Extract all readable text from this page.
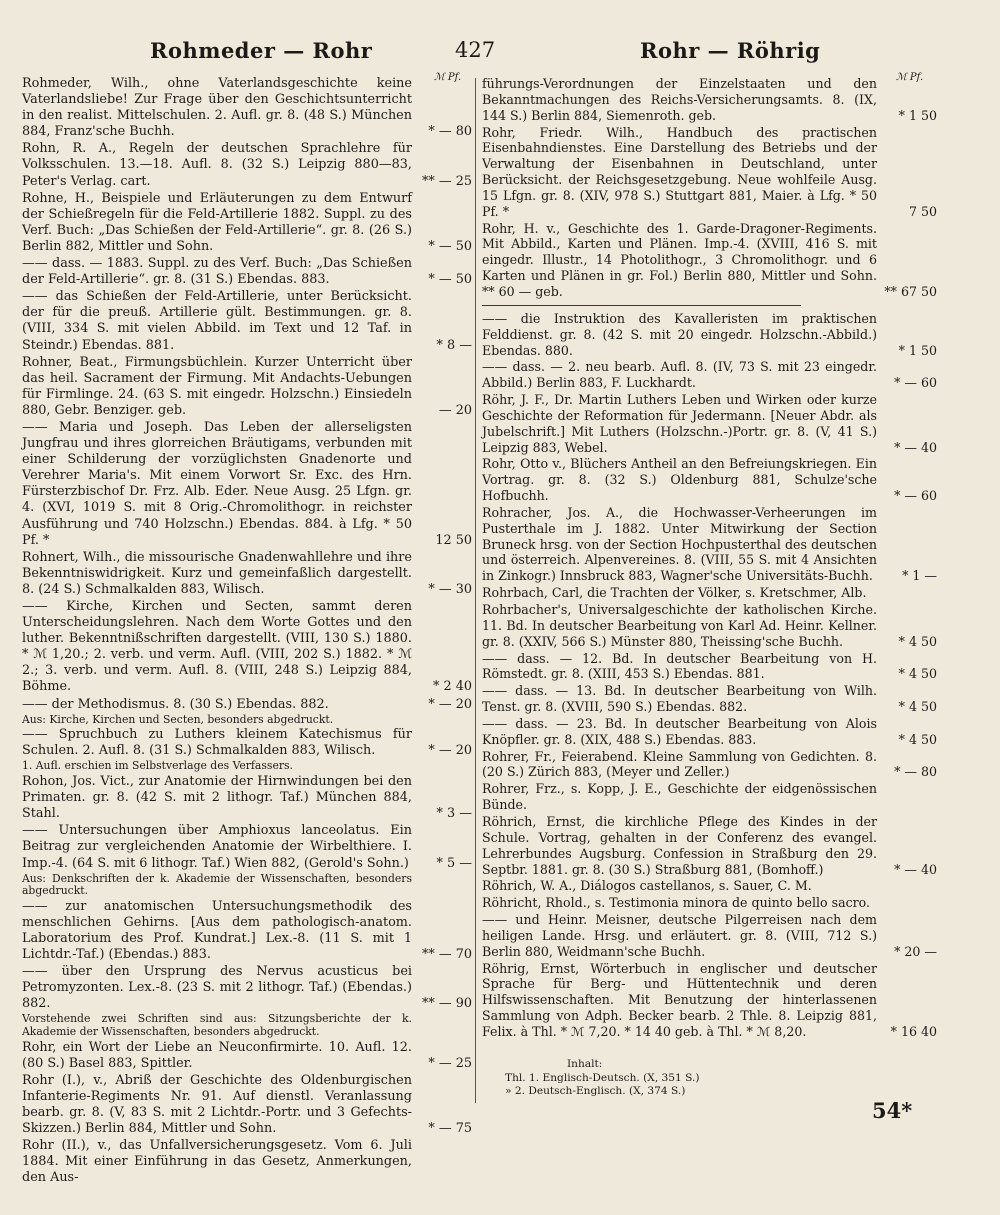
Rohmeder — Rohr	427	Rohr — Röhrig
ℳ Pf.	ℳ Pf.
Rohmeder, Wilh., ohne Vaterlandsgeschichte keine Vaterlandsliebe! Zur Frage über den Geschichtsunterricht in den realist. Mittelschulen. 2. Aufl. gr. 8. (48 S.) München 884, Franz'sche Buchh.	* — 80
Rohn, R. A., Regeln der deutschen Sprachlehre für Volksschulen. 13.—18. Aufl. 8. (32 S.) Leipzig 880—83, Peter's Verlag. cart.	** — 25
Rohne, H., Beispiele und Erläuterungen zu dem Entwurf der Schießregeln für die Feld-Artillerie 1882. Suppl. zu des Verf. Buch: „Das Schießen der Feld-Artillerie“. gr. 8. (26 S.) Berlin 882, Mittler und Sohn.	* — 50
—— dass. — 1883. Suppl. zu des Verf. Buch: „Das Schießen der Feld-Artillerie“. gr. 8. (31 S.) Ebendas. 883.	* — 50
—— das Schießen der Feld-Artillerie, unter Berücksicht. der für die preuß. Artillerie gült. Bestimmungen. gr. 8. (VIII, 334 S. mit vielen Abbild. im Text und 12 Taf. in Steindr.) Ebendas. 881.	* 8 —
Rohner, Beat., Firmungsbüchlein. Kurzer Unterricht über das heil. Sacrament der Firmung. Mit Andachts-Uebungen für Firmlinge. 24. (63 S. mit eingedr. Holzschn.) Einsiedeln 880, Gebr. Benziger. geb.	— 20
—— Maria und Joseph. Das Leben der allerseligsten Jungfrau und ihres glorreichen Bräutigams, verbunden mit einer Schilderung der vorzüglichsten Gnadenorte und Verehrer Maria's. Mit einem Vorwort Sr. Exc. des Hrn. Fürsterzbischof Dr. Frz. Alb. Eder. Neue Ausg. 25 Lfgn. gr. 4. (XVI, 1019 S. mit 8 Orig.-Chromolithogr. in reichster Ausführung und 740 Holzschn.) Ebendas. 884. à Lfg. * 50 Pf. *	12 50
Rohnert, Wilh., die missourische Gnadenwahllehre und ihre Bekenntniswidrigkeit. Kurz und gemeinfaßlich dargestellt. 8. (24 S.) Schmalkalden 883, Wilisch.	* — 30
—— Kirche, Kirchen und Secten, sammt deren Unterscheidungslehren. Nach dem Worte Gottes und den luther. Bekenntnißschriften dargestellt. (VIII, 130 S.) 1880. * ℳ 1,20.; 2. verb. und verm. Aufl. (VIII, 202 S.) 1882. * ℳ 2.; 3. verb. und verm. Aufl. 8. (VIII, 248 S.) Leipzig 884, Böhme.	* 2 40
—— der Methodismus. 8. (30 S.) Ebendas. 882.	* — 20
Aus: Kirche, Kirchen und Secten, besonders abgedruckt.
—— Spruchbuch zu Luthers kleinem Katechismus für Schulen. 2. Aufl. 8. (31 S.) Schmalkalden 883, Wilisch.	* — 20
1. Aufl. erschien im Selbstverlage des Verfassers.
Rohon, Jos. Vict., zur Anatomie der Hirnwindungen bei den Primaten. gr. 8. (42 S. mit 2 lithogr. Taf.) München 884, Stahl.	* 3 —
—— Untersuchungen über Amphioxus lanceolatus. Ein Beitrag zur vergleichenden Anatomie der Wirbelthiere. I. Imp.-4. (64 S. mit 6 lithogr. Taf.) Wien 882, (Gerold's Sohn.)	* 5 —
Aus: Denkschriften der k. Akademie der Wissenschaften, besonders abgedruckt.
—— zur anatomischen Untersuchungsmethodik des menschlichen Gehirns. [Aus dem pathologisch-anatom. Laboratorium des Prof. Kundrat.] Lex.-8. (11 S. mit 1 Lichtdr.-Taf.) (Ebendas.) 883.	** — 70
—— über den Ursprung des Nervus acusticus bei Petromyzonten. Lex.-8. (23 S. mit 2 lithogr. Taf.) (Ebendas.) 882.	** — 90
Vorstehende zwei Schriften sind aus: Sitzungsberichte der k. Akademie der Wissenschaften, besonders abgedruckt.
Rohr, ein Wort der Liebe an Neuconfirmirte. 10. Aufl. 12. (80 S.) Basel 883, Spittler.	* — 25
Rohr (I.), v., Abriß der Geschichte des Oldenburgischen Infanterie-Regiments Nr. 91. Auf dienstl. Veranlassung bearb. gr. 8. (V, 83 S. mit 2 Lichtdr.-Portr. und 3 Gefechts-Skizzen.) Berlin 884, Mittler und Sohn.	* — 75
Rohr (II.), v., das Unfallversicherungsgesetz. Vom 6. Juli 1884. Mit einer Einführung in das Gesetz, Anmerkungen, den Aus-
führungs-Verordnungen der Einzelstaaten und den Bekanntmachungen des Reichs-Versicherungsamts. 8. (IX, 144 S.) Berlin 884, Siemenroth. geb.	* 1 50
Rohr, Friedr. Wilh., Handbuch des practischen Eisenbahndienstes. Eine Darstellung des Betriebs und der Verwaltung der Eisenbahnen in Deutschland, unter Berücksicht. der Reichsgesetzgebung. Neue wohlfeile Ausg. 15 Lfgn. gr. 8. (XIV, 978 S.) Stuttgart 881, Maier. à Lfg. * 50 Pf. *	7 50
Rohr, H. v., Geschichte des 1. Garde-Dragoner-Regiments. Mit Abbild., Karten und Plänen. Imp.-4. (XVIII, 416 S. mit eingedr. Illustr., 14 Photolithogr., 3 Chromolithogr. und 6 Karten und Plänen in gr. Fol.) Berlin 880, Mittler und Sohn. ** 60 — geb.	** 67 50
—— die Instruktion des Kavalleristen im praktischen Felddienst. gr. 8. (42 S. mit 20 eingedr. Holzschn.-Abbild.) Ebendas. 880.	* 1 50
—— dass. — 2. neu bearb. Aufl. 8. (IV, 73 S. mit 23 eingedr. Abbild.) Berlin 883, F. Luckhardt.	* — 60
Röhr, J. F., Dr. Martin Luthers Leben und Wirken oder kurze Geschichte der Reformation für Jedermann. [Neuer Abdr. als Jubelschrift.] Mit Luthers (Holzschn.-)Portr. gr. 8. (V, 41 S.) Leipzig 883, Webel.	* — 40
Rohr, Otto v., Blüchers Antheil an den Befreiungskriegen. Ein Vortrag. gr. 8. (32 S.) Oldenburg 881, Schulze'sche Hofbuchh.	* — 60
Rohracher, Jos. A., die Hochwasser-Verheerungen im Pusterthale im J. 1882. Unter Mitwirkung der Section Bruneck hrsg. von der Section Hochpusterthal des deutschen und österreich. Alpenvereines. 8. (VIII, 55 S. mit 4 Ansichten in Zinkogr.) Innsbruck 883, Wagner'sche Universitäts-Buchh.	* 1 —
Rohrbach, Carl, die Trachten der Völker, s. Kretschmer, Alb.
Rohrbacher's, Universalgeschichte der katholischen Kirche. 11. Bd. In deutscher Bearbeitung von Karl Ad. Heinr. Kellner. gr. 8. (XXIV, 566 S.) Münster 880, Theissing'sche Buchh.	* 4 50
—— dass. — 12. Bd. In deutscher Bearbeitung von H. Römstedt. gr. 8. (XIII, 453 S.) Ebendas. 881.	* 4 50
—— dass. — 13. Bd. In deutscher Bearbeitung von Wilh. Tenst. gr. 8. (XVIII, 590 S.) Ebendas. 882.	* 4 50
—— dass. — 23. Bd. In deutscher Bearbeitung von Alois Knöpfler. gr. 8. (XIX, 488 S.) Ebendas. 883.	* 4 50
Rohrer, Fr., Feierabend. Kleine Sammlung von Gedichten. 8. (20 S.) Zürich 883, (Meyer und Zeller.)	* — 80
Rohrer, Frz., s. Kopp, J. E., Geschichte der eidgenössischen Bünde.
Röhrich, Ernst, die kirchliche Pflege des Kindes in der Schule. Vortrag, gehalten in der Conferenz des evangel. Lehrerbundes Augsburg. Confession in Straßburg den 29. Septbr. 1881. gr. 8. (30 S.) Straßburg 881, (Bomhoff.)	* — 40
Röhrich, W. A., Diálogos castellanos, s. Sauer, C. M.
Röhricht, Rhold., s. Testimonia minora de quinto bello sacro.
—— und Heinr. Meisner, deutsche Pilgerreisen nach dem heiligen Lande. Hrsg. und erläutert. gr. 8. (VIII, 712 S.) Berlin 880, Weidmann'sche Buchh.	* 20 —
Röhrig, Ernst, Wörterbuch in englischer und deutscher Sprache für Berg- und Hüttentechnik und deren Hilfswissenschaften. Mit Benutzung der hinterlassenen Sammlung von Adph. Becker bearb. 2 Thle. 8. Leipzig 881, Felix. à Thl. * ℳ 7,20. * 14 40 geb. à Thl. * ℳ 8,20.	* 16 40
Inhalt:
Thl. 1. Englisch-Deutsch. (X, 351 S.)
» 2. Deutsch-Englisch. (X, 374 S.)
54*
